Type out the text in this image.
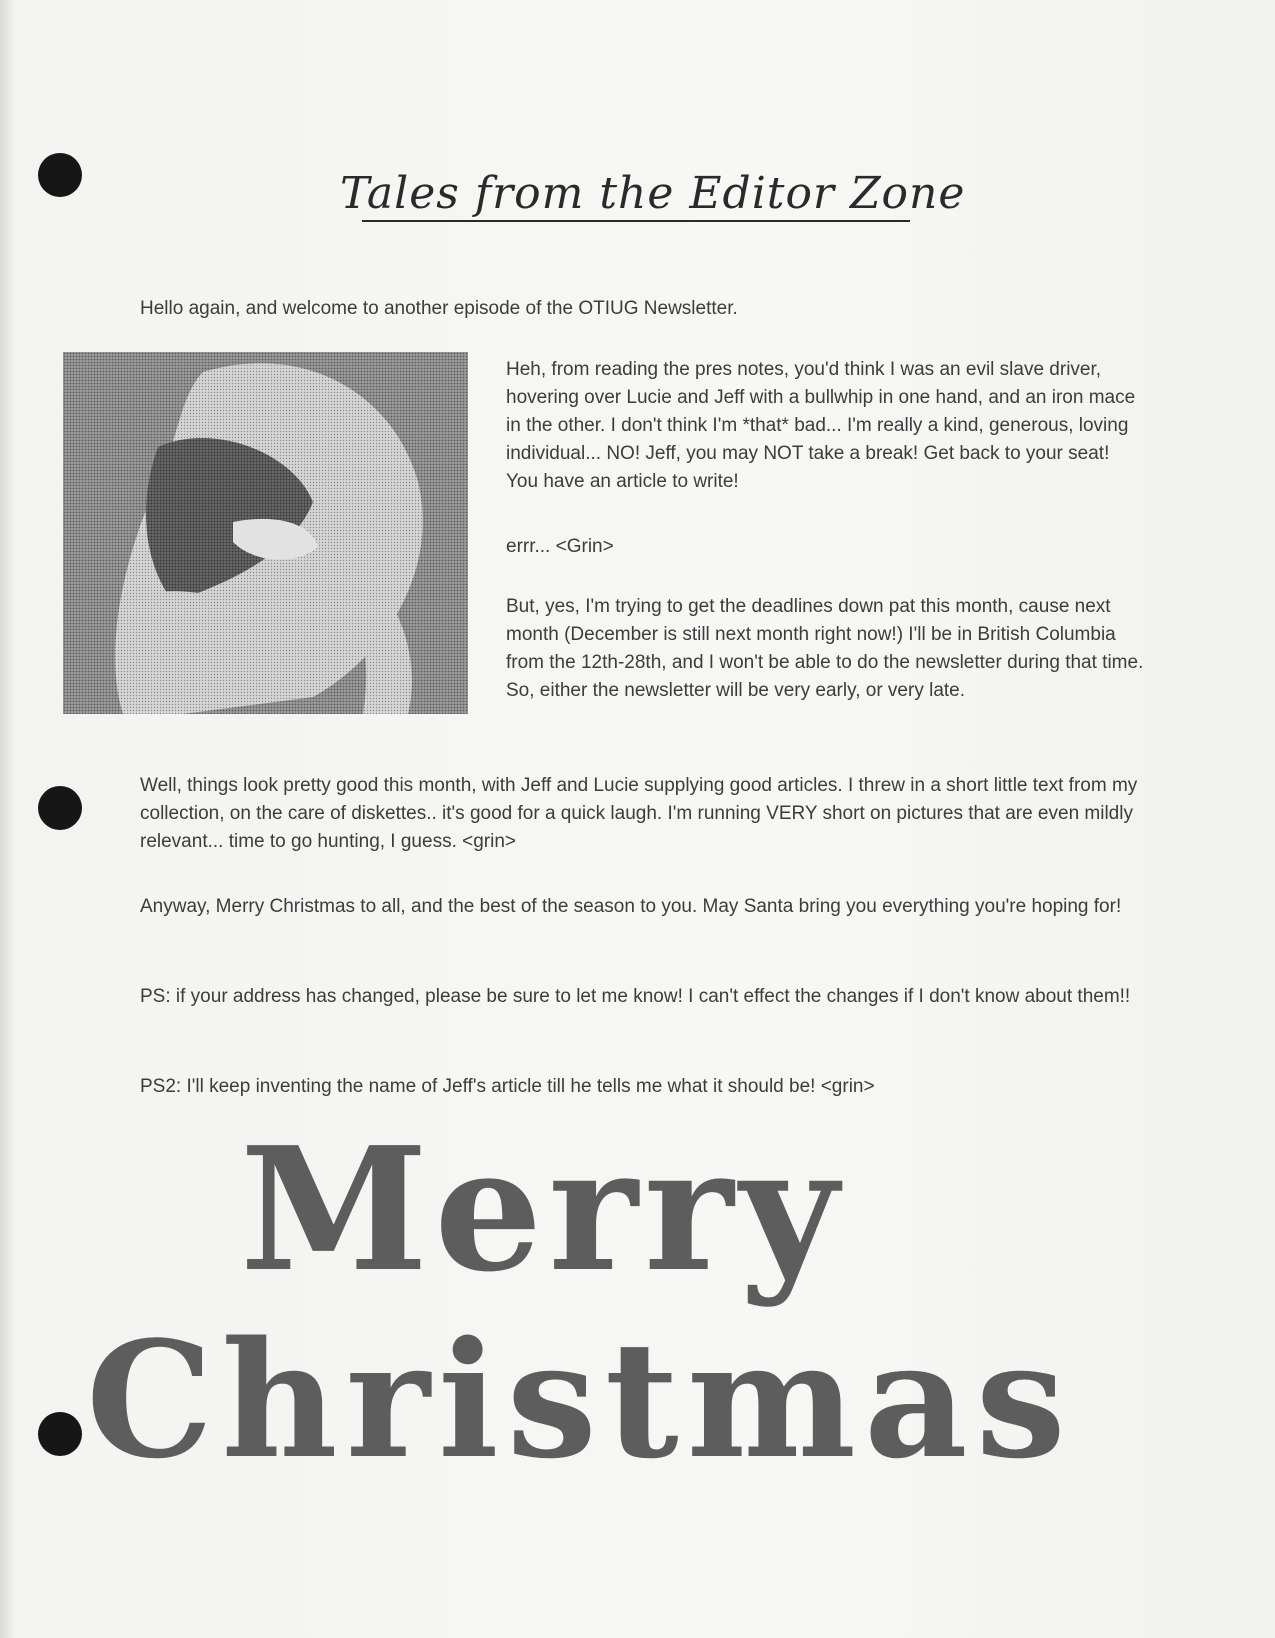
Tales from the Editor Zone

Hello again, and welcome to another episode of the OTIUG Newsletter.

Heh, from reading the pres notes, you'd think I was an evil slave driver, hovering over Lucie and Jeff with a bullwhip in one hand, and an iron mace in the other. I don't think I'm *that* bad... I'm really a kind, generous, loving individual... NO! Jeff, you may NOT take a break! Get back to your seat! You have an article to write!

errr... <Grin>

But, yes, I'm trying to get the deadlines down pat this month, cause next month (December is still next month right now!) I'll be in British Columbia from the 12th-28th, and I won't be able to do the newsletter during that time. So, either the newsletter will be very early, or very late.

Well, things look pretty good this month, with Jeff and Lucie supplying good articles. I threw in a short little text from my collection, on the care of diskettes.. it's good for a quick laugh. I'm running VERY short on pictures that are even mildly relevant... time to go hunting, I guess. <grin>

Anyway, Merry Christmas to all, and the best of the season to you. May Santa bring you everything you're hoping for!

PS: if your address has changed, please be sure to let me know! I can't effect the changes if I don't know about them!!

PS2: I'll keep inventing the name of Jeff's article till he tells me what it should be! <grin>

Merry
Christmas
